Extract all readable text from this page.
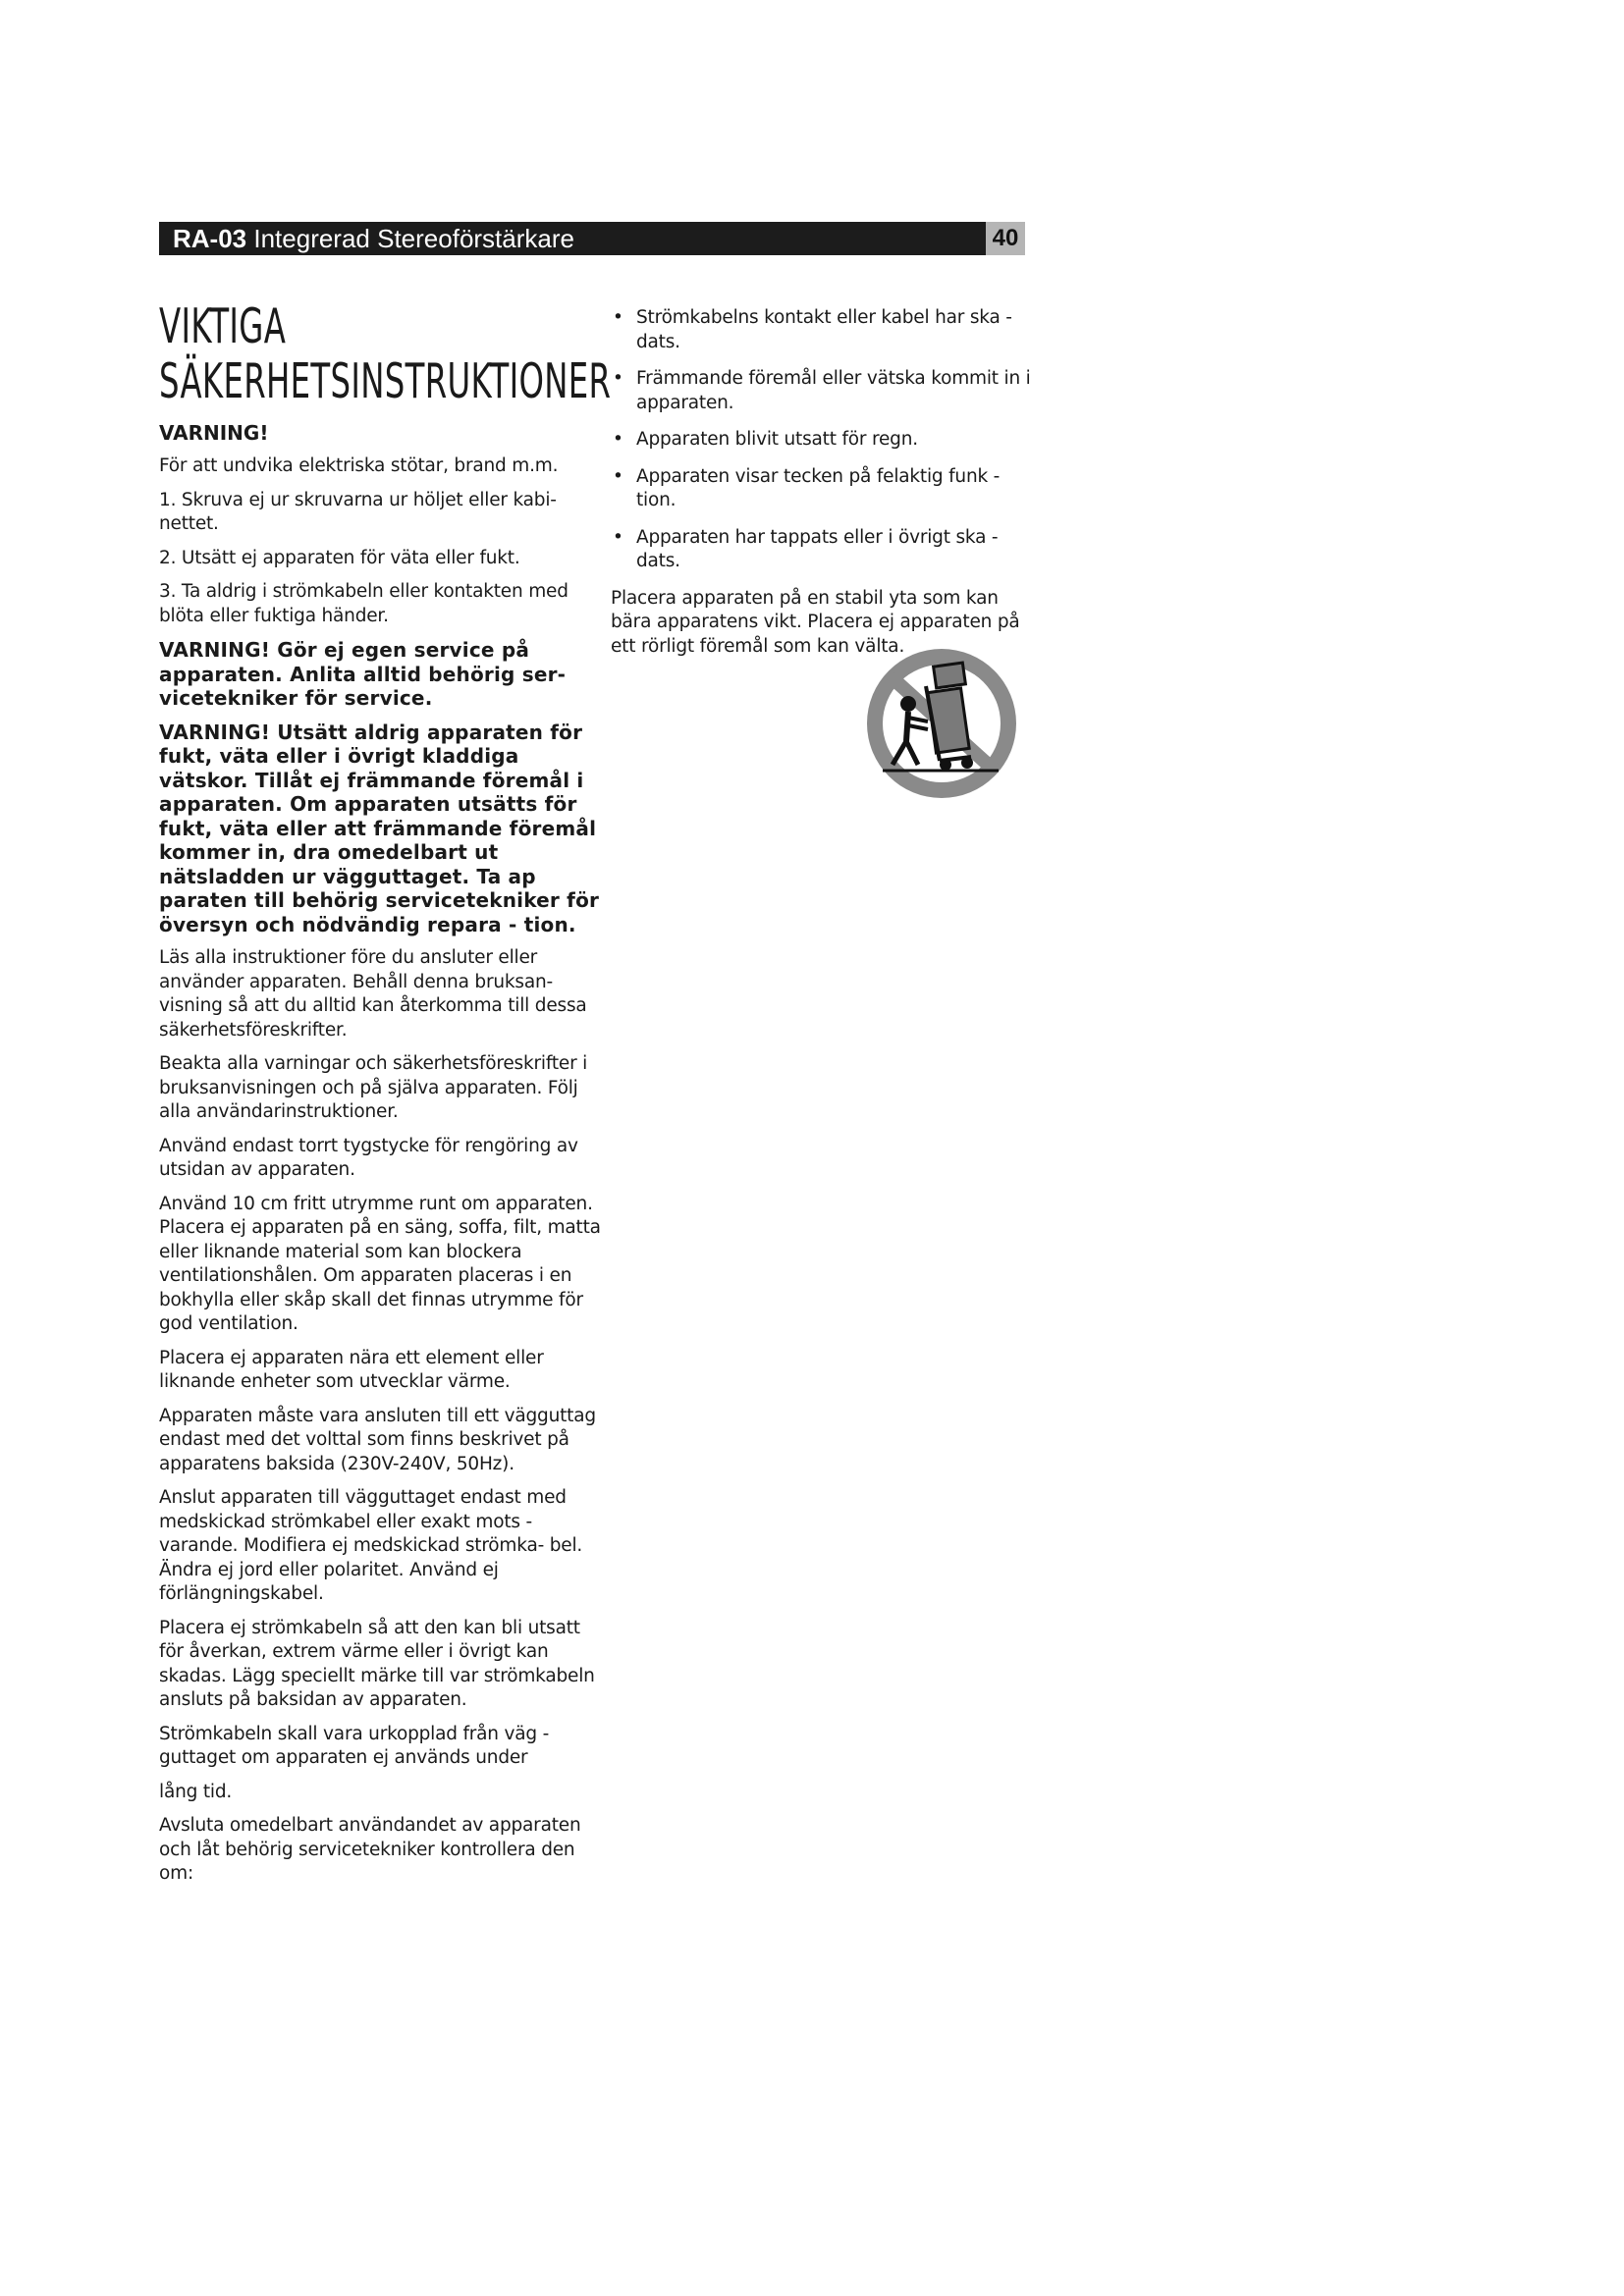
RA-03 Integrerad Stereoförstärkare	40
VIKTIGA
SÄKERHETSINSTRUKTIONER
VARNING!

För att undvika elektriska stötar, brand m.m.

1. Skruva ej ur skruvarna ur höljet eller kabi- nettet.

2. Utsätt ej apparaten för väta eller fukt.

3. Ta aldrig i strömkabeln eller kontakten med blöta eller fuktiga händer.

VARNING! Gör ej egen service på apparaten. Anlita alltid behörig ser- vicetekniker för service.

VARNING! Utsätt aldrig apparaten för fukt, väta eller i övrigt kladdiga vätskor. Tillåt ej främmande föremål i apparaten. Om apparaten utsätts för fukt, väta eller att främmande föremål kommer in, dra omedelbart ut nätsladden ur vägguttaget. Ta ap paraten till behörig servicetekniker för översyn och nödvändig repara - tion.

Läs alla instruktioner före du ansluter eller använder apparaten. Behåll denna bruksan- visning så att du alltid kan återkomma till dessa säkerhetsföreskrifter.

Beakta alla varningar och säkerhetsföreskrifter i bruksanvisningen och på själva apparaten. Följ alla användarinstruktioner.

Använd endast torrt tygstycke för rengöring av utsidan av apparaten.

Använd 10 cm fritt utrymme runt om apparaten. Placera ej apparaten på en säng, soffa, filt, matta eller liknande material som kan blockera ventilationshålen. Om apparaten placeras i en bokhylla eller skåp skall det finnas utrymme för god ventilation.

Placera ej apparaten nära ett element eller liknande enheter som utvecklar värme.

Apparaten måste vara ansluten till ett vägguttag endast med det volttal som finns beskrivet på apparatens baksida (230V-240V, 50Hz).

Anslut apparaten till vägguttaget endast med medskickad strömkabel eller exakt mots - varande. Modifiera ej medskickad strömka- bel. Ändra ej jord eller polaritet. Använd ej förlängningskabel.

Placera ej strömkabeln så att den kan bli utsatt för åverkan, extrem värme eller i övrigt kan skadas. Lägg speciellt märke till var strömkabeln ansluts på baksidan av apparaten.

Strömkabeln skall vara urkopplad från väg - guttaget om apparaten ej används under

lång tid.

Avsluta omedelbart användandet av apparaten och låt behörig servicetekniker kontrollera den om:

• Strömkabelns kontakt eller kabel har ska - dats.
• Främmande föremål eller vätska kommit in i apparaten.
• Apparaten blivit utsatt för regn.
• Apparaten visar tecken på felaktig funk - tion.
• Apparaten har tappats eller i övrigt ska - dats.

Placera apparaten på en stabil yta som kan bära apparatens vikt. Placera ej apparaten på ett rörligt föremål som kan välta.
